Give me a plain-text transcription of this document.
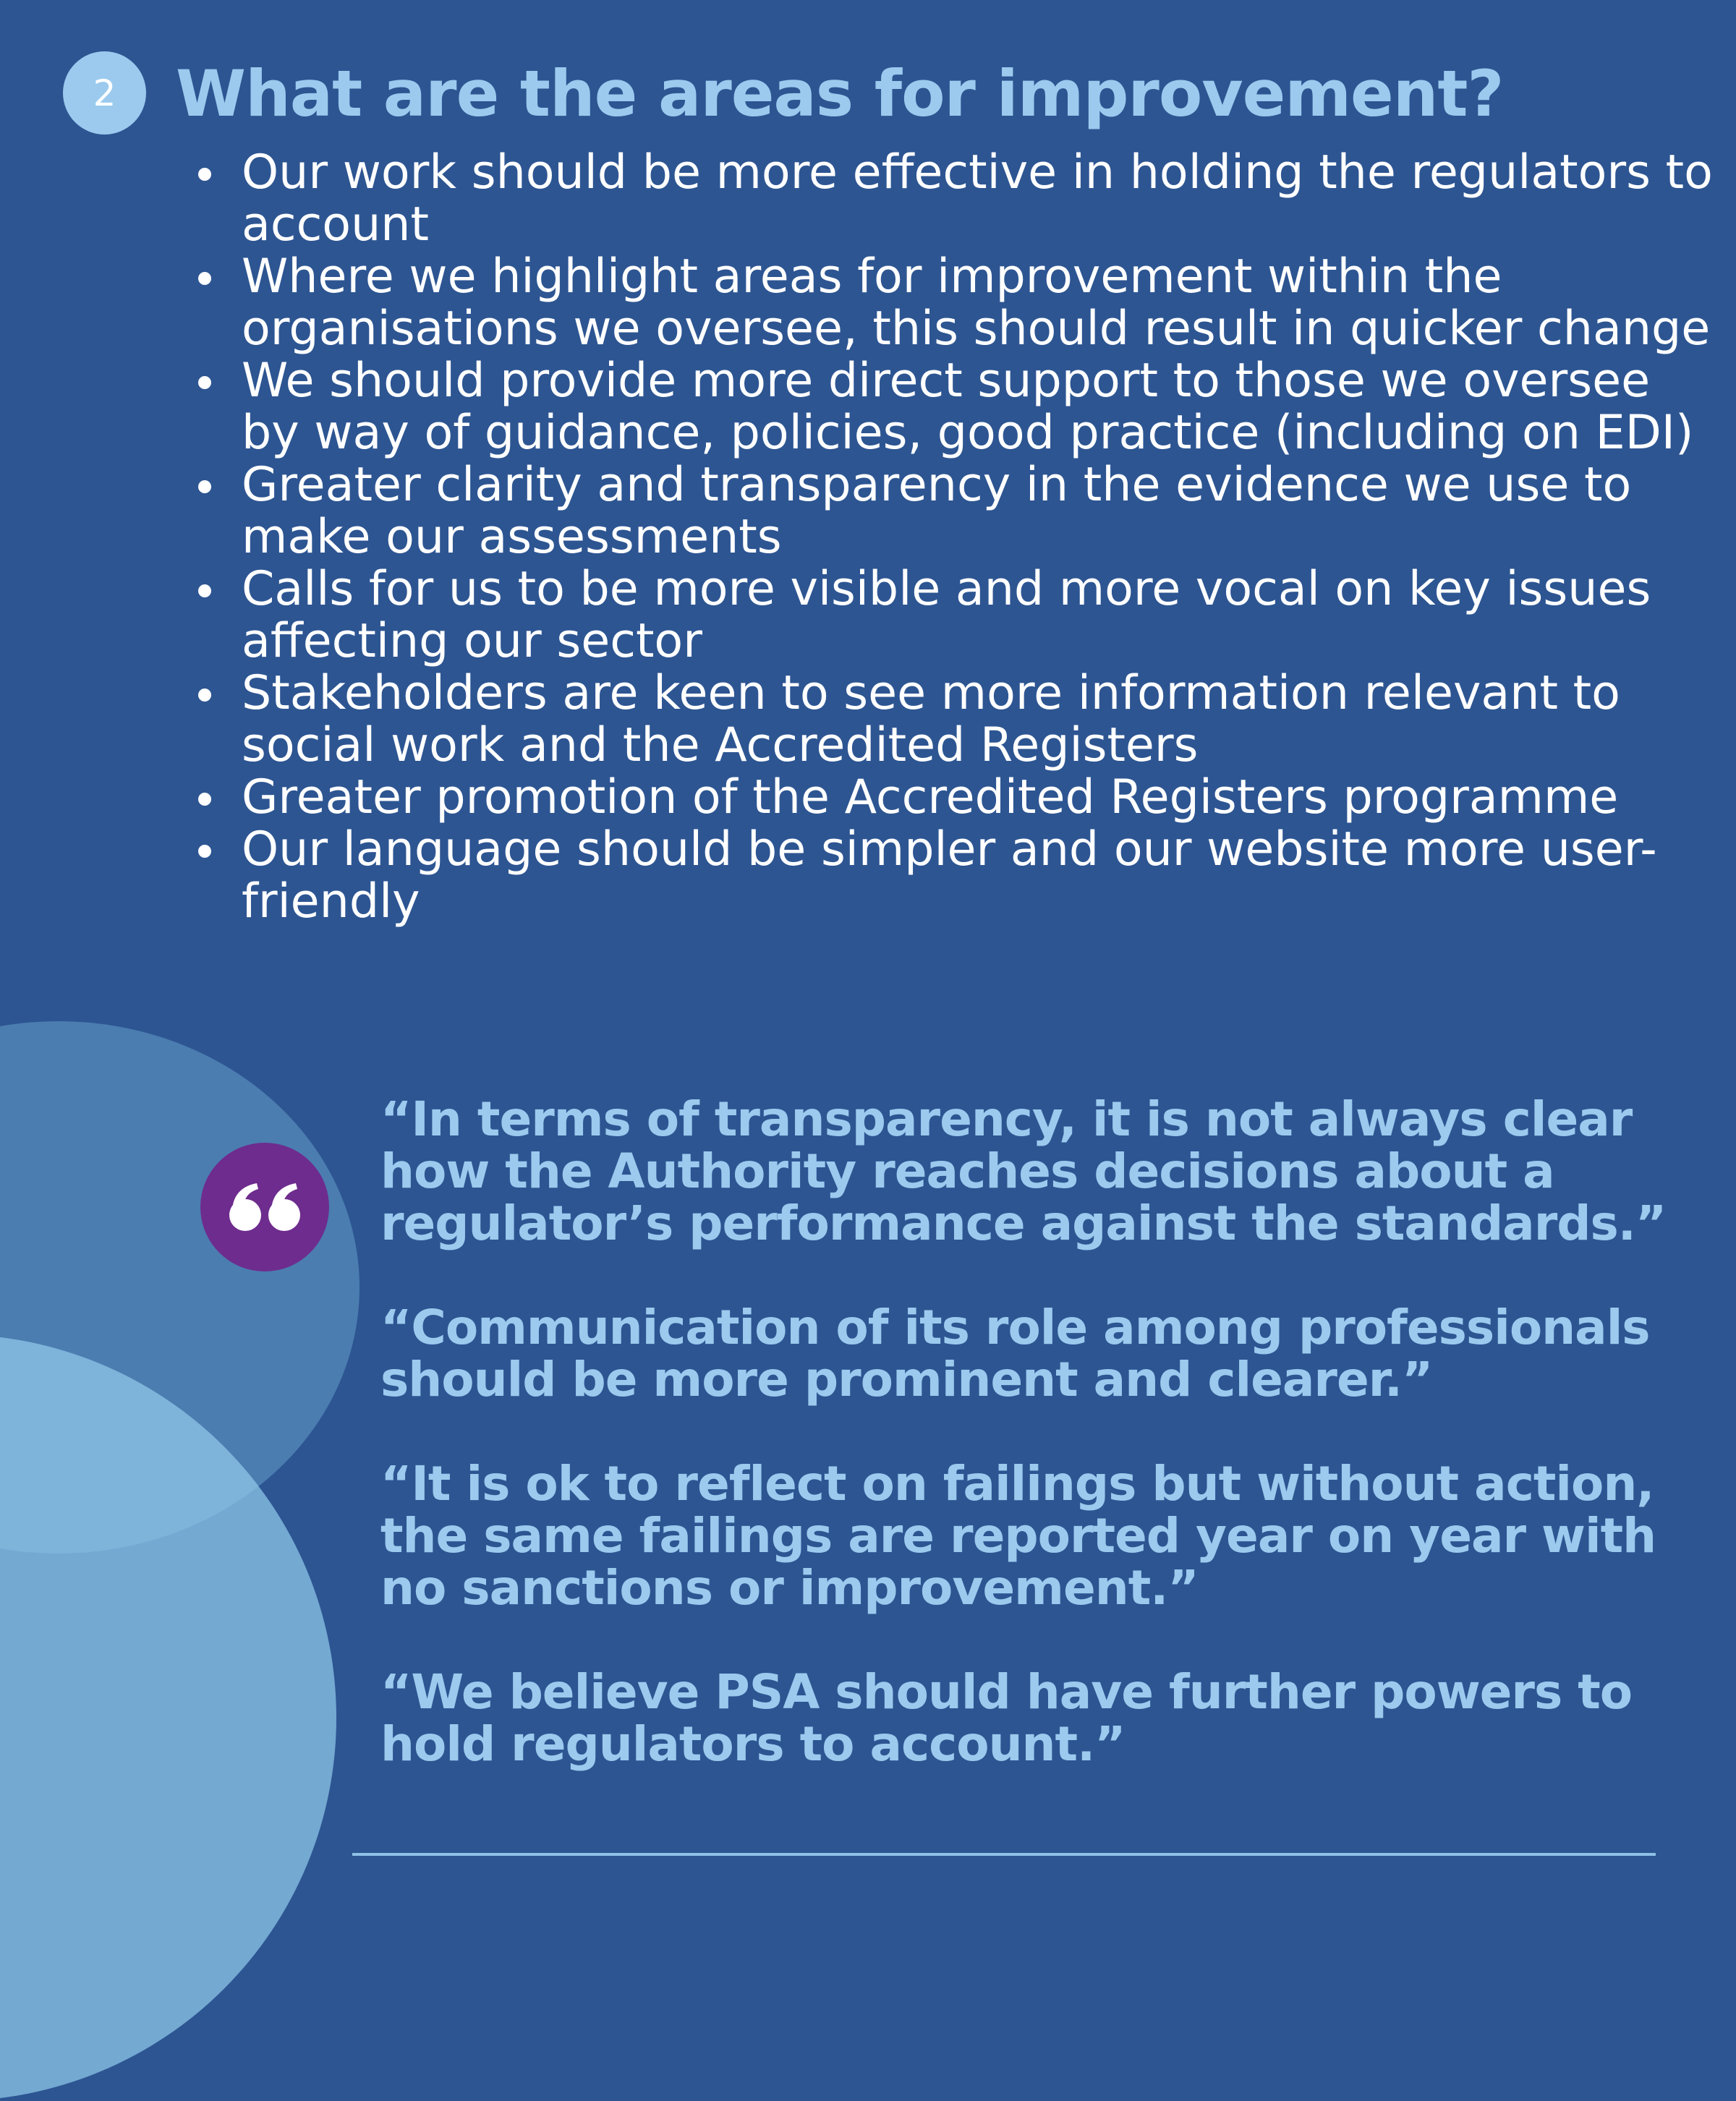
2 What are the areas for improvement?
Our work should be more effective in holding the regulators to account
Where we highlight areas for improvement within the organisations we oversee, this should result in quicker change
We should provide more direct support to those we oversee by way of guidance, policies, good practice (including on EDI)
Greater clarity and transparency in the evidence we use to make our assessments
Calls for us to be more visible and more vocal on key issues affecting our sector
Stakeholders are keen to see more information relevant to social work and the Accredited Registers
Greater promotion of the Accredited Registers programme
Our language should be simpler and our website more user-friendly

“In terms of transparency, it is not always clear how the Authority reaches decisions about a regulator’s performance against the standards.”

“Communication of its role among professionals should be more prominent and clearer.”

“It is ok to reflect on failings but without action, the same failings are reported year on year with no sanctions or improvement.”

“We believe PSA should have further powers to hold regulators to account.”
